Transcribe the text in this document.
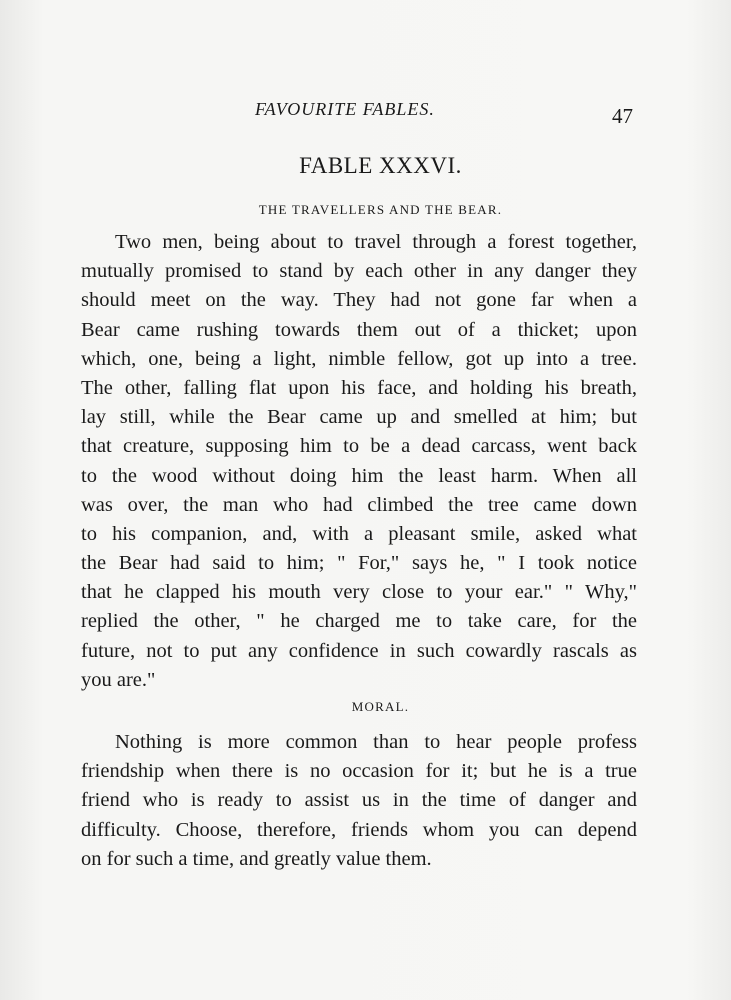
FAVOURITE FABLES.	47
FABLE XXXVI.
THE TRAVELLERS AND THE BEAR.
Two men, being about to travel through a forest together,
mutually promised to stand by each other in any danger they
should meet on the way. They had not gone far when a
Bear came rushing towards them out of a thicket; upon
which, one, being a light, nimble fellow, got up into a tree.
The other, falling flat upon his face, and holding his breath,
lay still, while the Bear came up and smelled at him; but
that creature, supposing him to be a dead carcass, went back
to the wood without doing him the least harm. When all
was over, the man who had climbed the tree came down
to his companion, and, with a pleasant smile, asked what
the Bear had said to him; " For," says he, " I took notice
that he clapped his mouth very close to your ear." " Why,"
replied the other, " he charged me to take care, for the
future, not to put any confidence in such cowardly rascals as
you are."
MORAL.
Nothing is more common than to hear people profess
friendship when there is no occasion for it; but he is a true
friend who is ready to assist us in the time of danger and
difficulty. Choose, therefore, friends whom you can depend
on for such a time, and greatly value them.
